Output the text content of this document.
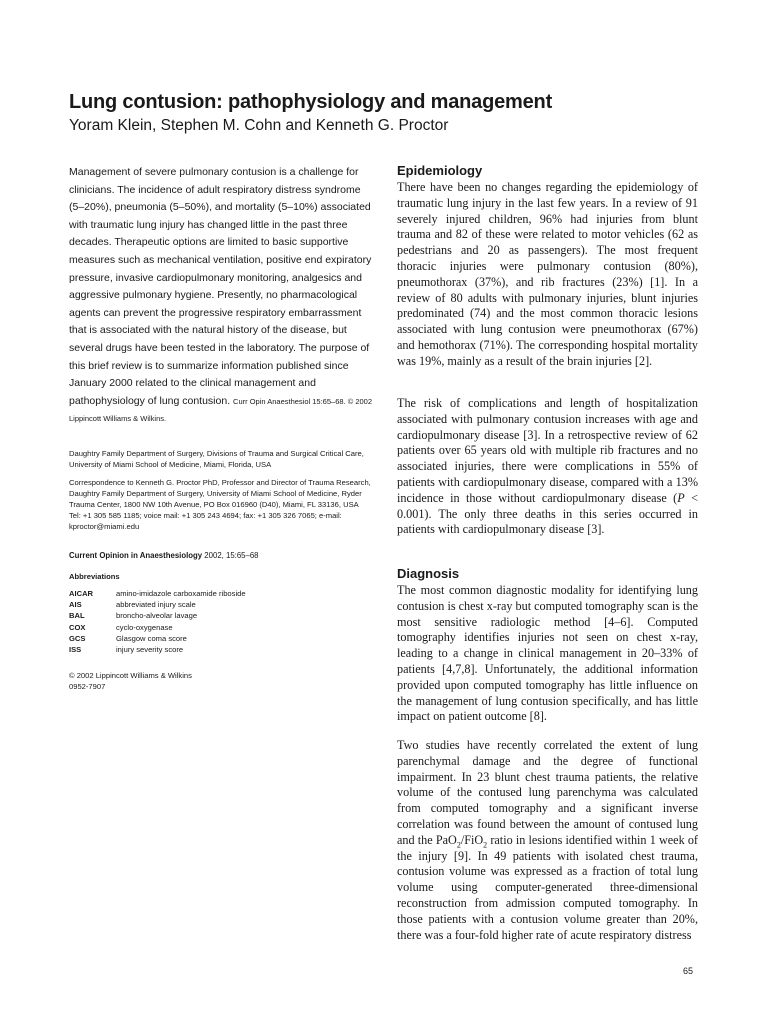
Lung contusion: pathophysiology and management
Yoram Klein, Stephen M. Cohn and Kenneth G. Proctor
Management of severe pulmonary contusion is a challenge for clinicians. The incidence of adult respiratory distress syndrome (5–20%), pneumonia (5–50%), and mortality (5–10%) associated with traumatic lung injury has changed little in the past three decades. Therapeutic options are limited to basic supportive measures such as mechanical ventilation, positive end expiratory pressure, invasive cardiopulmonary monitoring, analgesics and aggressive pulmonary hygiene. Presently, no pharmacological agents can prevent the progressive respiratory embarrassment that is associated with the natural history of the disease, but several drugs have been tested in the laboratory. The purpose of this brief review is to summarize information published since January 2000 related to the clinical management and pathophysiology of lung contusion. Curr Opin Anaesthesiol 15:65–68. © 2002 Lippincott Williams & Wilkins.
Daughtry Family Department of Surgery, Divisions of Trauma and Surgical Critical Care, University of Miami School of Medicine, Miami, Florida, USA
Correspondence to Kenneth G. Proctor PhD, Professor and Director of Trauma Research, Daughtry Family Department of Surgery, University of Miami School of Medicine, Ryder Trauma Center, 1800 NW 10th Avenue, PO Box 016960 (D40), Miami, FL 33136, USA
Tel: +1 305 585 1185; voice mail: +1 305 243 4694; fax: +1 305 326 7065; e-mail: kproctor@miami.edu
Current Opinion in Anaesthesiology 2002, 15:65–68
Abbreviations
AICAR	amino-imidazole carboxamide riboside
AIS	abbreviated injury scale
BAL	broncho-alveolar lavage
COX	cyclo-oxygenase
GCS	Glasgow coma score
ISS	injury severity score
© 2002 Lippincott Williams & Wilkins
0952-7907
Epidemiology

There have been no changes regarding the epidemiology of traumatic lung injury in the last few years. In a review of 91 severely injured children, 96% had injuries from blunt trauma and 82 of these were related to motor vehicles (62 as pedestrians and 20 as passengers). The most frequent thoracic injuries were pulmonary contusion (80%), pneumothorax (37%), and rib fractures (23%) [1]. In a review of 80 adults with pulmonary injuries, blunt injuries predominated (74) and the most common thoracic lesions associated with lung contusion were pneumothorax (67%) and hemothorax (71%). The corresponding hospital mortality was 19%, mainly as a result of the brain injuries [2].

The risk of complications and length of hospitalization associated with pulmonary contusion increases with age and cardiopulmonary disease [3]. In a retrospective review of 62 patients over 65 years old with multiple rib fractures and no associated injuries, there were complications in 55% of patients with cardiopulmonary disease, compared with a 13% incidence in those without cardiopulmonary disease (P < 0.001). The only three deaths in this series occurred in patients with cardiopulmonary disease [3].

Diagnosis

The most common diagnostic modality for identifying lung contusion is chest x-ray but computed tomography scan is the most sensitive radiologic method [4–6]. Computed tomography identifies injuries not seen on chest x-ray, leading to a change in clinical management in 20–33% of patients [4,7,8]. Unfortunately, the additional information provided upon computed tomography has little influence on the management of lung contusion specifically, and has little impact on patient outcome [8].

Two studies have recently correlated the extent of lung parenchymal damage and the degree of functional impairment. In 23 blunt chest trauma patients, the relative volume of the contused lung parenchyma was calculated from computed tomography and a significant inverse correlation was found between the amount of contused lung and the PaO$_2$/FiO$_2$ ratio in lesions identified within 1 week of the injury [9]. In 49 patients with isolated chest trauma, contusion volume was expressed as a fraction of total lung volume using computer-generated three-dimensional reconstruction from admission computed tomography. In those patients with a contusion volume greater than 20%, there was a four-fold higher rate of acute respiratory distress

65
